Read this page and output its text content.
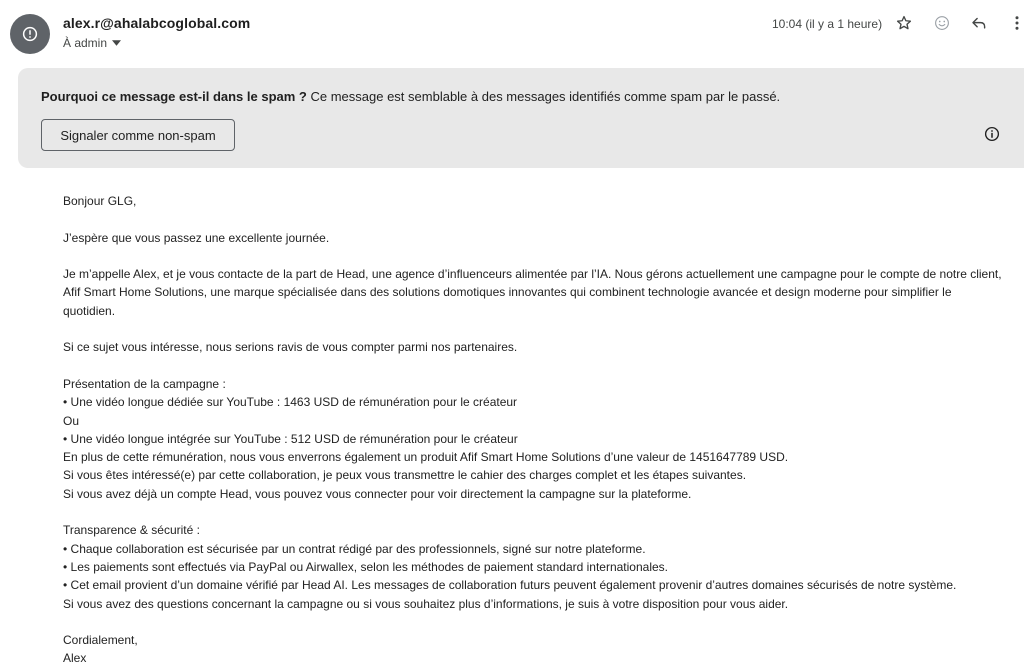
alex.r@ahalabcoglobal.com
À admin
10:04 (il y a 1 heure)
Pourquoi ce message est-il dans le spam ? Ce message est semblable à des messages identifiés comme spam par le passé.
Signaler comme non-spam

Bonjour GLG,

J’espère que vous passez une excellente journée.

Je m’appelle Alex, et je vous contacte de la part de Head, une agence d’influenceurs alimentée par l’IA. Nous gérons actuellement une campagne pour le compte de notre client,

Afif Smart Home Solutions, une marque spécialisée dans des solutions domotiques innovantes qui combinent technologie avancée et design moderne pour simplifier le

quotidien.

Si ce sujet vous intéresse, nous serions ravis de vous compter parmi nos partenaires.

Présentation de la campagne :

• Une vidéo longue dédiée sur YouTube : 1463 USD de rémunération pour le créateur

Ou

• Une vidéo longue intégrée sur YouTube : 512 USD de rémunération pour le créateur

En plus de cette rémunération, nous vous enverrons également un produit Afif Smart Home Solutions d’une valeur de 1451647789 USD.

Si vous êtes intéressé(e) par cette collaboration, je peux vous transmettre le cahier des charges complet et les étapes suivantes.

Si vous avez déjà un compte Head, vous pouvez vous connecter pour voir directement la campagne sur la plateforme.

Transparence & sécurité :

• Chaque collaboration est sécurisée par un contrat rédigé par des professionnels, signé sur notre plateforme.

• Les paiements sont effectués via PayPal ou Airwallex, selon les méthodes de paiement standard internationales.

• Cet email provient d’un domaine vérifié par Head AI. Les messages de collaboration futurs peuvent également provenir d’autres domaines sécurisés de notre système.

Si vous avez des questions concernant la campagne ou si vous souhaitez plus d’informations, je suis à votre disposition pour vous aider.

Cordialement,

Alex
